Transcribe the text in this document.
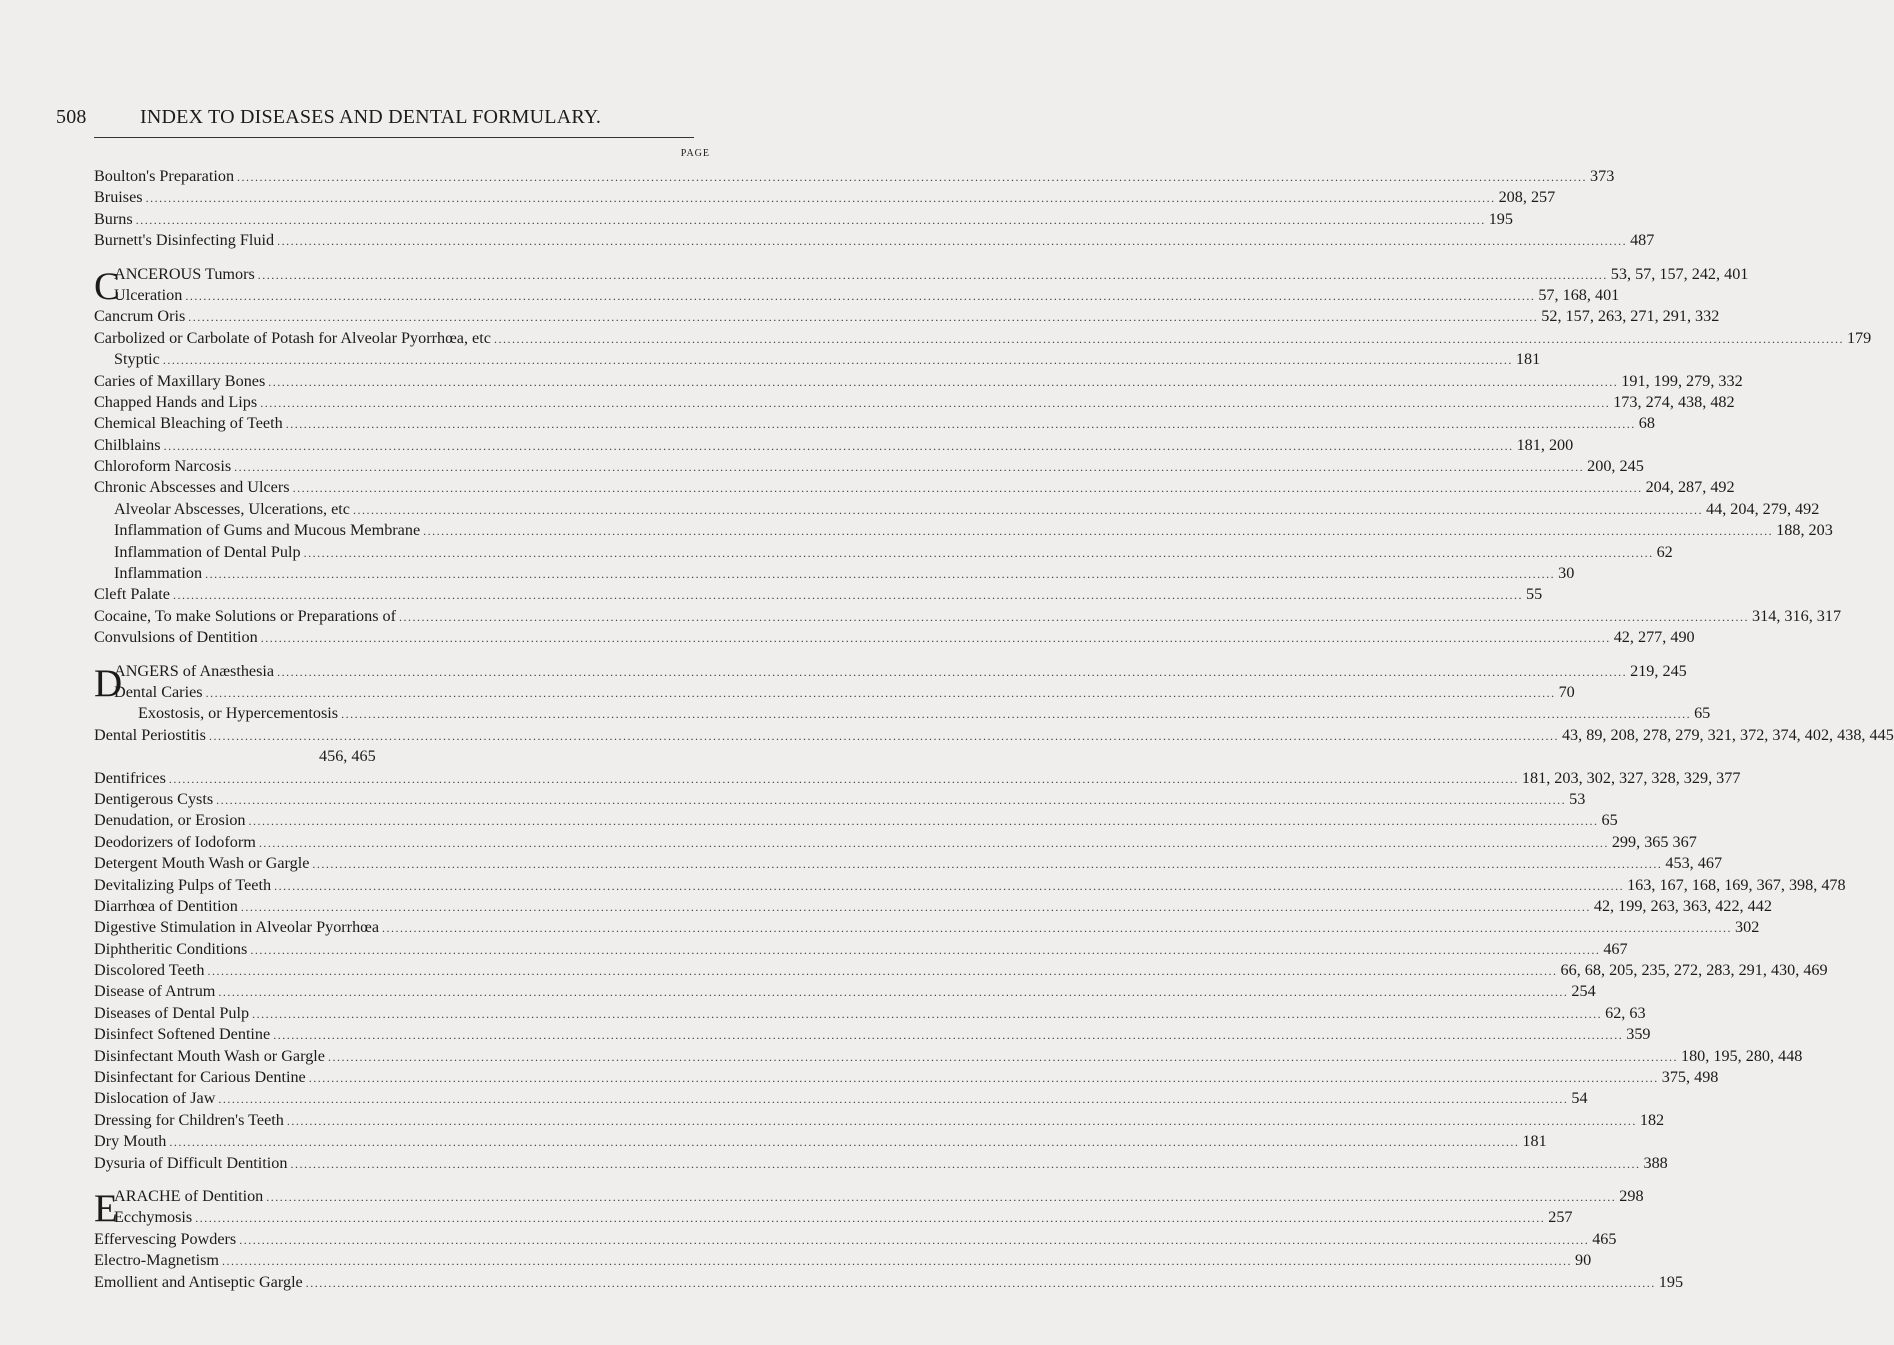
508	INDEX TO DISEASES AND DENTAL FORMULARY.
PAGE
Boulton's Preparation ............................................................................................................................................................................................................................................................................................................ 373
Bruises ............................................................................................................................................................................................................................................................................................................ 208, 257
Burns ............................................................................................................................................................................................................................................................................................................ 195
Burnett's Disinfecting Fluid ............................................................................................................................................................................................................................................................................................................ 487
C
ANCEROUS Tumors ............................................................................................................................................................................................................................................................................................................ 53, 57, 157, 242, 401
Ulceration ............................................................................................................................................................................................................................................................................................................ 57, 168, 401
Cancrum Oris ............................................................................................................................................................................................................................................................................................................ 52, 157, 263, 271, 291, 332
Carbolized or Carbolate of Potash for Alveolar Pyorrhœa, etc ............................................................................................................................................................................................................................................................................................................ 179
Styptic ............................................................................................................................................................................................................................................................................................................ 181
Caries of Maxillary Bones ............................................................................................................................................................................................................................................................................................................ 191, 199, 279, 332
Chapped Hands and Lips ............................................................................................................................................................................................................................................................................................................ 173, 274, 438, 482
Chemical Bleaching of Teeth ............................................................................................................................................................................................................................................................................................................ 68
Chilblains ............................................................................................................................................................................................................................................................................................................ 181, 200
Chloroform Narcosis ............................................................................................................................................................................................................................................................................................................ 200, 245
Chronic Abscesses and Ulcers ............................................................................................................................................................................................................................................................................................................ 204, 287, 492
Alveolar Abscesses, Ulcerations, etc ............................................................................................................................................................................................................................................................................................................ 44, 204, 279, 492
Inflammation of Gums and Mucous Membrane ............................................................................................................................................................................................................................................................................................................ 188, 203
Inflammation of Dental Pulp ............................................................................................................................................................................................................................................................................................................ 62
Inflammation ............................................................................................................................................................................................................................................................................................................ 30
Cleft Palate ............................................................................................................................................................................................................................................................................................................ 55
Cocaine, To make Solutions or Preparations of ............................................................................................................................................................................................................................................................................................................ 314, 316, 317
Convulsions of Dentition ............................................................................................................................................................................................................................................................................................................ 42, 277, 490
D
ANGERS of Anæsthesia ............................................................................................................................................................................................................................................................................................................ 219, 245
Dental Caries ............................................................................................................................................................................................................................................................................................................ 70
Exostosis, or Hypercementosis ............................................................................................................................................................................................................................................................................................................ 65
Dental Periostitis ............................................................................................................................................................................................................................................................................................................ 43, 89, 208, 278, 279, 321, 372, 374, 402, 438, 445
456, 465
Dentifrices ............................................................................................................................................................................................................................................................................................................ 181, 203, 302, 327, 328, 329, 377
Dentigerous Cysts ............................................................................................................................................................................................................................................................................................................ 53
Denudation, or Erosion ............................................................................................................................................................................................................................................................................................................ 65
Deodorizers of Iodoform ............................................................................................................................................................................................................................................................................................................ 299, 365 367
Detergent Mouth Wash or Gargle ............................................................................................................................................................................................................................................................................................................ 453, 467
Devitalizing Pulps of Teeth ............................................................................................................................................................................................................................................................................................................ 163, 167, 168, 169, 367, 398, 478
Diarrhœa of Dentition ............................................................................................................................................................................................................................................................................................................ 42, 199, 263, 363, 422, 442
Digestive Stimulation in Alveolar Pyorrhœa ............................................................................................................................................................................................................................................................................................................ 302
Diphtheritic Conditions ............................................................................................................................................................................................................................................................................................................ 467
Discolored Teeth ............................................................................................................................................................................................................................................................................................................ 66, 68, 205, 235, 272, 283, 291, 430, 469
Disease of Antrum ............................................................................................................................................................................................................................................................................................................ 254
Diseases of Dental Pulp ............................................................................................................................................................................................................................................................................................................ 62, 63
Disinfect Softened Dentine ............................................................................................................................................................................................................................................................................................................ 359
Disinfectant Mouth Wash or Gargle ............................................................................................................................................................................................................................................................................................................ 180, 195, 280, 448
Disinfectant for Carious Dentine ............................................................................................................................................................................................................................................................................................................ 375, 498
Dislocation of Jaw ............................................................................................................................................................................................................................................................................................................ 54
Dressing for Children's Teeth ............................................................................................................................................................................................................................................................................................................ 182
Dry Mouth ............................................................................................................................................................................................................................................................................................................ 181
Dysuria of Difficult Dentition ............................................................................................................................................................................................................................................................................................................ 388
E
ARACHE of Dentition ............................................................................................................................................................................................................................................................................................................ 298
Ecchymosis ............................................................................................................................................................................................................................................................................................................ 257
Effervescing Powders ............................................................................................................................................................................................................................................................................................................ 465
Electro-Magnetism ............................................................................................................................................................................................................................................................................................................ 90
Emollient and Antiseptic Gargle ............................................................................................................................................................................................................................................................................................................ 195
